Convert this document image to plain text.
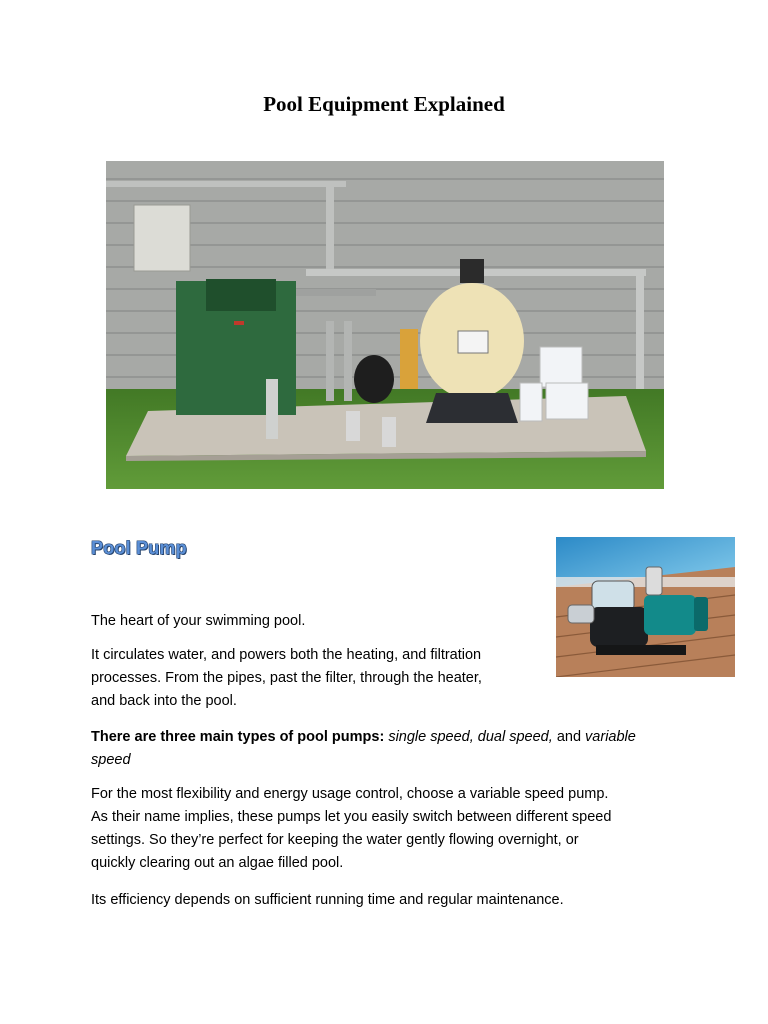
Pool Equipment Explained
Pool Pump

The heart of your swimming pool.

It circulates water, and powers both the heating, and filtration
processes. From the pipes, past the filter, through the heater,
and back into the pool.

There are three main types of pool pumps: single speed, dual speed, and variable
speed

For the most flexibility and energy usage control, choose a variable speed pump.
As their name implies, these pumps let you easily switch between different speed
settings. So they’re perfect for keeping the water gently flowing overnight, or
quickly clearing out an algae filled pool.

Its efficiency depends on sufficient running time and regular maintenance.
